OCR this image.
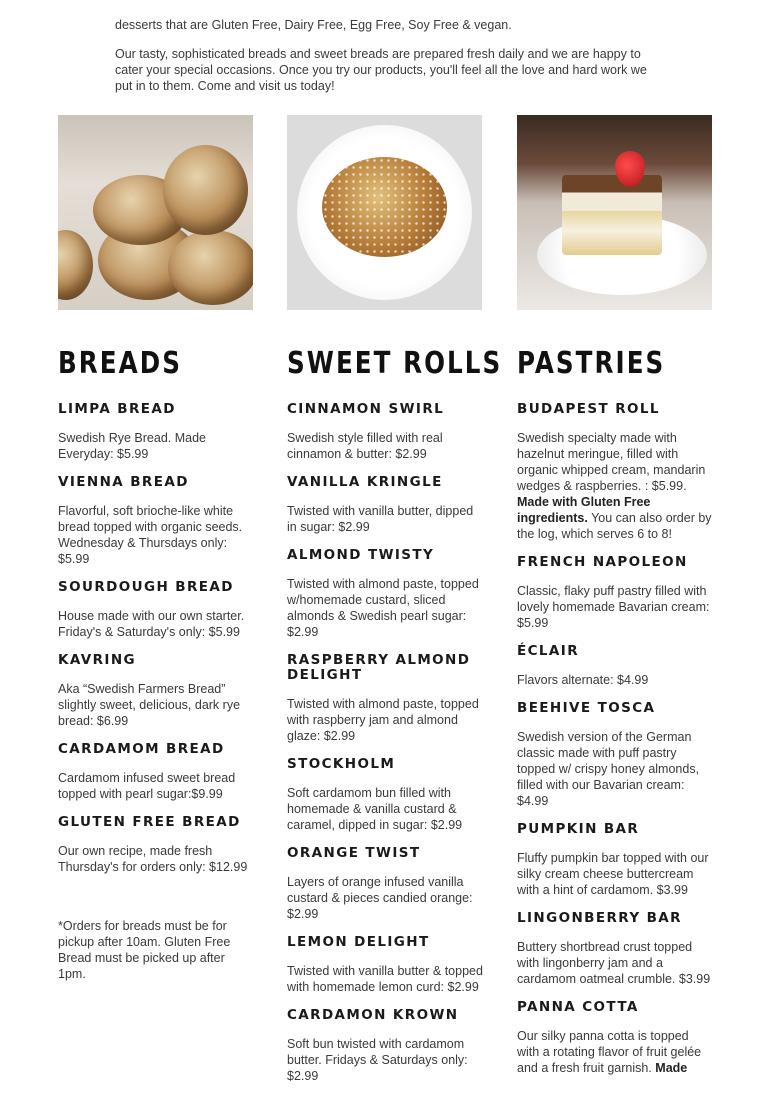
desserts that are Gluten Free, Dairy Free, Egg Free, Soy Free & vegan.

Our tasty, sophisticated breads and sweet breads are prepared fresh daily and we are happy to cater your special occasions. Once you try our products, you'll feel all the love and hard work we put in to them. Come and visit us today!

BREADS
LIMPA BREAD

Swedish Rye Bread. Made Everyday: $5.99

VIENNA BREAD

Flavorful, soft brioche-like white bread topped with organic seeds. Wednesday & Thursdays only: $5.99

SOURDOUGH BREAD

House made with our own starter. Friday's & Saturday's only: $5.99

KAVRING

Aka “Swedish Farmers Bread” slightly sweet, delicious, dark rye bread: $6.99

CARDAMOM BREAD

Cardamom infused sweet bread topped with pearl sugar:$9.99

GLUTEN FREE BREAD

Our own recipe, made fresh Thursday's for orders only: $12.99

*Orders for breads must be for pickup after 10am. Gluten Free Bread must be picked up after 1pm.

SWEET ROLLS
CINNAMON SWIRL

Swedish style filled with real cinnamon & butter: $2.99

VANILLA KRINGLE

Twisted with vanilla butter, dipped in sugar: $2.99

ALMOND TWISTY

Twisted with almond paste, topped w/homemade custard, sliced almonds & Swedish pearl sugar: $2.99

RASPBERRY ALMOND DELIGHT

Twisted with almond paste, topped with raspberry jam and almond glaze: $2.99

STOCKHOLM

Soft cardamom bun filled with homemade & vanilla custard & caramel, dipped in sugar: $2.99

ORANGE TWIST

Layers of orange infused vanilla custard & pieces candied orange: $2.99

LEMON DELIGHT

Twisted with vanilla butter & topped with homemade lemon curd: $2.99

CARDAMON KROWN

Soft bun twisted with cardamom butter. Fridays & Saturdays only: $2.99

PASTRIES
BUDAPEST ROLL

Swedish specialty made with hazelnut meringue, filled with organic whipped cream, mandarin wedges & raspberries. : $5.99. Made with Gluten Free ingredients. You can also order by the log, which serves 6 to 8!

FRENCH NAPOLEON

Classic, flaky puff pastry filled with lovely homemade Bavarian cream: $5.99

ÉCLAIR

Flavors alternate: $4.99

BEEHIVE TOSCA

Swedish version of the German classic made with puff pastry topped w/ crispy honey almonds, filled with our Bavarian cream: $4.99

PUMPKIN BAR

Fluffy pumpkin bar topped with our silky cream cheese buttercream with a hint of cardamom. $3.99

LINGONBERRY BAR

Buttery shortbread crust topped with lingonberry jam and a cardamom oatmeal crumble. $3.99

PANNA COTTA

Our silky panna cotta is topped with a rotating flavor of fruit gelée and a fresh fruit garnish. Made
